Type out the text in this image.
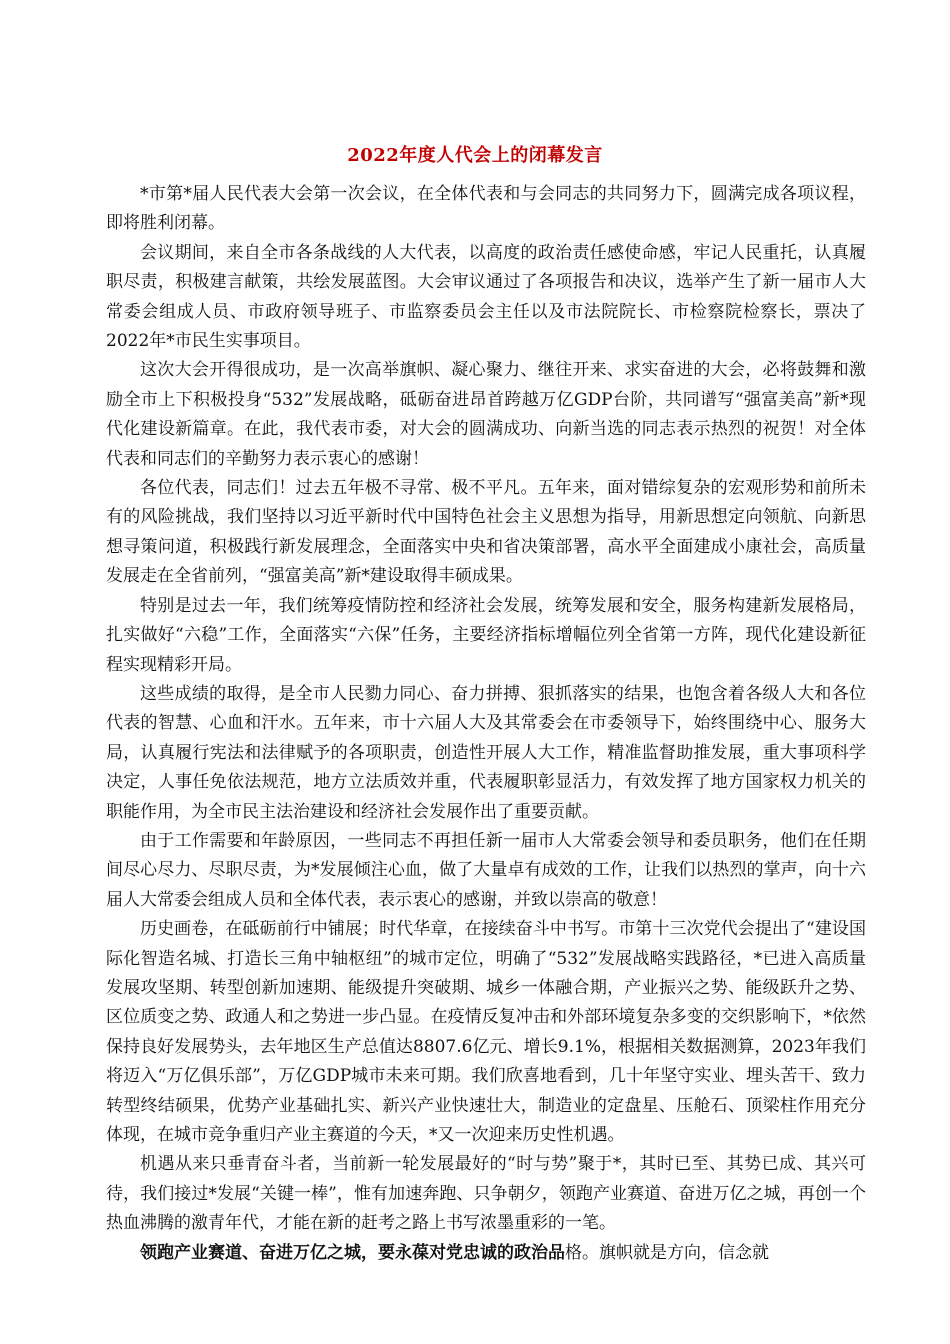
2022年度人代会上的闭幕发言

*市第*届人民代表大会第一次会议，在全体代表和与会同志的共同努力下，圆满完成各项议程，即将胜利闭幕。

会议期间，来自全市各条战线的人大代表，以高度的政治责任感使命感，牢记人民重托，认真履职尽责，积极建言献策，共绘发展蓝图。大会审议通过了各项报告和决议，选举产生了新一届市人大常委会组成人员、市政府领导班子、市监察委员会主任以及市法院院长、市检察院检察长，票决了2022年*市民生实事项目。

这次大会开得很成功，是一次高举旗帜、凝心聚力、继往开来、求实奋进的大会，必将鼓舞和激励全市上下积极投身“532”发展战略，砥砺奋进昂首跨越万亿GDP台阶，共同谱写“强富美高”新*现代化建设新篇章。在此，我代表市委，对大会的圆满成功、向新当选的同志表示热烈的祝贺！对全体代表和同志们的辛勤努力表示衷心的感谢！

各位代表，同志们！过去五年极不寻常、极不平凡。五年来，面对错综复杂的宏观形势和前所未有的风险挑战，我们坚持以习近平新时代中国特色社会主义思想为指导，用新思想定向领航、向新思想寻策问道，积极践行新发展理念，全面落实中央和省决策部署，高水平全面建成小康社会，高质量发展走在全省前列，“强富美高”新*建设取得丰硕成果。

特别是过去一年，我们统筹疫情防控和经济社会发展，统筹发展和安全，服务构建新发展格局，扎实做好“六稳”工作，全面落实“六保”任务，主要经济指标增幅位列全省第一方阵，现代化建设新征程实现精彩开局。

这些成绩的取得，是全市人民勠力同心、奋力拼搏、狠抓落实的结果，也饱含着各级人大和各位代表的智慧、心血和汗水。五年来，市十六届人大及其常委会在市委领导下，始终围绕中心、服务大局，认真履行宪法和法律赋予的各项职责，创造性开展人大工作，精准监督助推发展，重大事项科学决定，人事任免依法规范，地方立法质效并重，代表履职彰显活力，有效发挥了地方国家权力机关的职能作用，为全市民主法治建设和经济社会发展作出了重要贡献。

由于工作需要和年龄原因，一些同志不再担任新一届市人大常委会领导和委员职务，他们在任期间尽心尽力、尽职尽责，为*发展倾注心血，做了大量卓有成效的工作，让我们以热烈的掌声，向十六届人大常委会组成人员和全体代表，表示衷心的感谢，并致以崇高的敬意！

历史画卷，在砥砺前行中铺展；时代华章，在接续奋斗中书写。市第十三次党代会提出了“建设国际化智造名城、打造长三角中轴枢纽”的城市定位，明确了“532”发展战略实践路径，*已进入高质量发展攻坚期、转型创新加速期、能级提升突破期、城乡一体融合期，产业振兴之势、能级跃升之势、区位质变之势、政通人和之势进一步凸显。在疫情反复冲击和外部环境复杂多变的交织影响下，*依然保持良好发展势头，去年地区生产总值达8807.6亿元、增长9.1%，根据相关数据测算，2023年我们将迈入“万亿俱乐部”，万亿GDP城市未来可期。我们欣喜地看到，几十年坚守实业、埋头苦干、致力转型终结硕果，优势产业基础扎实、新兴产业快速壮大，制造业的定盘星、压舱石、顶梁柱作用充分体现，在城市竞争重归产业主赛道的今天，*又一次迎来历史性机遇。

机遇从来只垂青奋斗者，当前新一轮发展最好的“时与势”聚于*，其时已至、其势已成、其兴可待，我们接过*发展“关键一棒”，惟有加速奔跑、只争朝夕，领跑产业赛道、奋进万亿之城，再创一个热血沸腾的激青年代，才能在新的赶考之路上书写浓墨重彩的一笔。

领跑产业赛道、奋进万亿之城，要永葆对党忠诚的政治品格。旗帜就是方向，信念就
